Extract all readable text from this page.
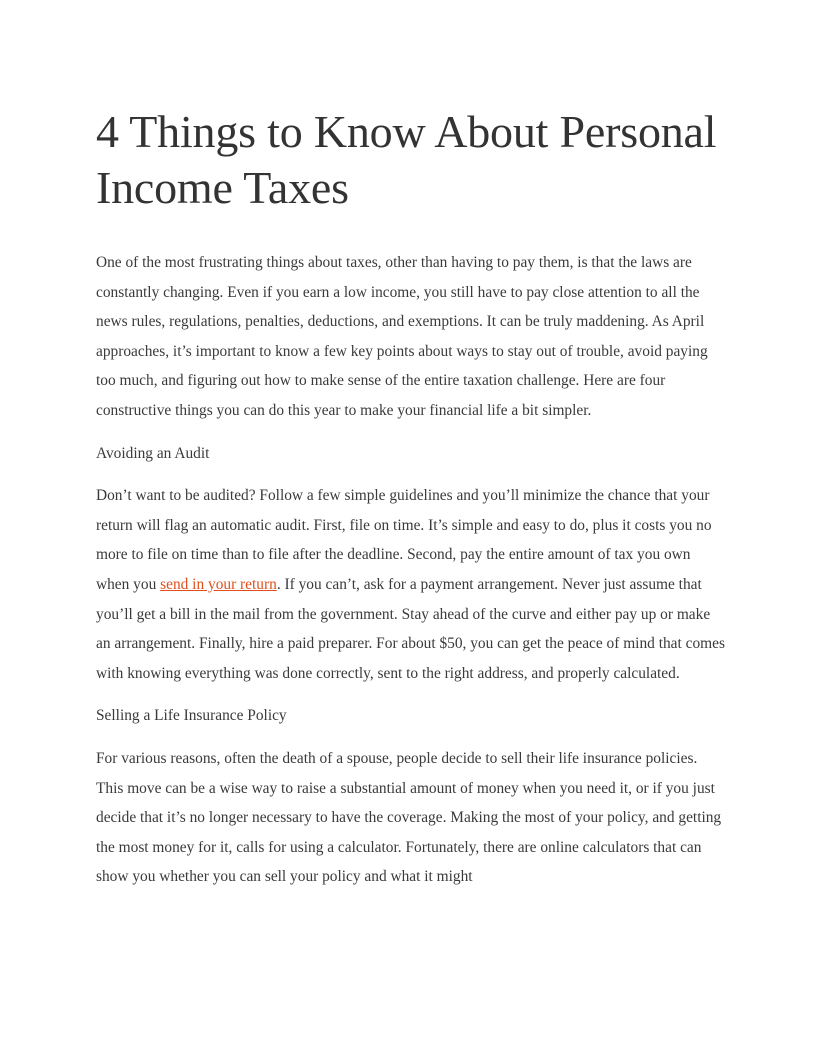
4 Things to Know About Personal Income Taxes

One of the most frustrating things about taxes, other than having to pay them, is that the laws are constantly changing. Even if you earn a low income, you still have to pay close attention to all the news rules, regulations, penalties, deductions, and exemptions. It can be truly maddening. As April approaches, it’s important to know a few key points about ways to stay out of trouble, avoid paying too much, and figuring out how to make sense of the entire taxation challenge. Here are four constructive things you can do this year to make your financial life a bit simpler.

Avoiding an Audit

Don’t want to be audited? Follow a few simple guidelines and you’ll minimize the chance that your return will flag an automatic audit. First, file on time. It’s simple and easy to do, plus it costs you no more to file on time than to file after the deadline. Second, pay the entire amount of tax you own when you send in your return. If you can’t, ask for a payment arrangement. Never just assume that you’ll get a bill in the mail from the government. Stay ahead of the curve and either pay up or make an arrangement. Finally, hire a paid preparer. For about $50, you can get the peace of mind that comes with knowing everything was done correctly, sent to the right address, and properly calculated.

Selling a Life Insurance Policy

For various reasons, often the death of a spouse, people decide to sell their life insurance policies. This move can be a wise way to raise a substantial amount of money when you need it, or if you just decide that it’s no longer necessary to have the coverage. Making the most of your policy, and getting the most money for it, calls for using a calculator. Fortunately, there are online calculators that can show you whether you can sell your policy and what it might
